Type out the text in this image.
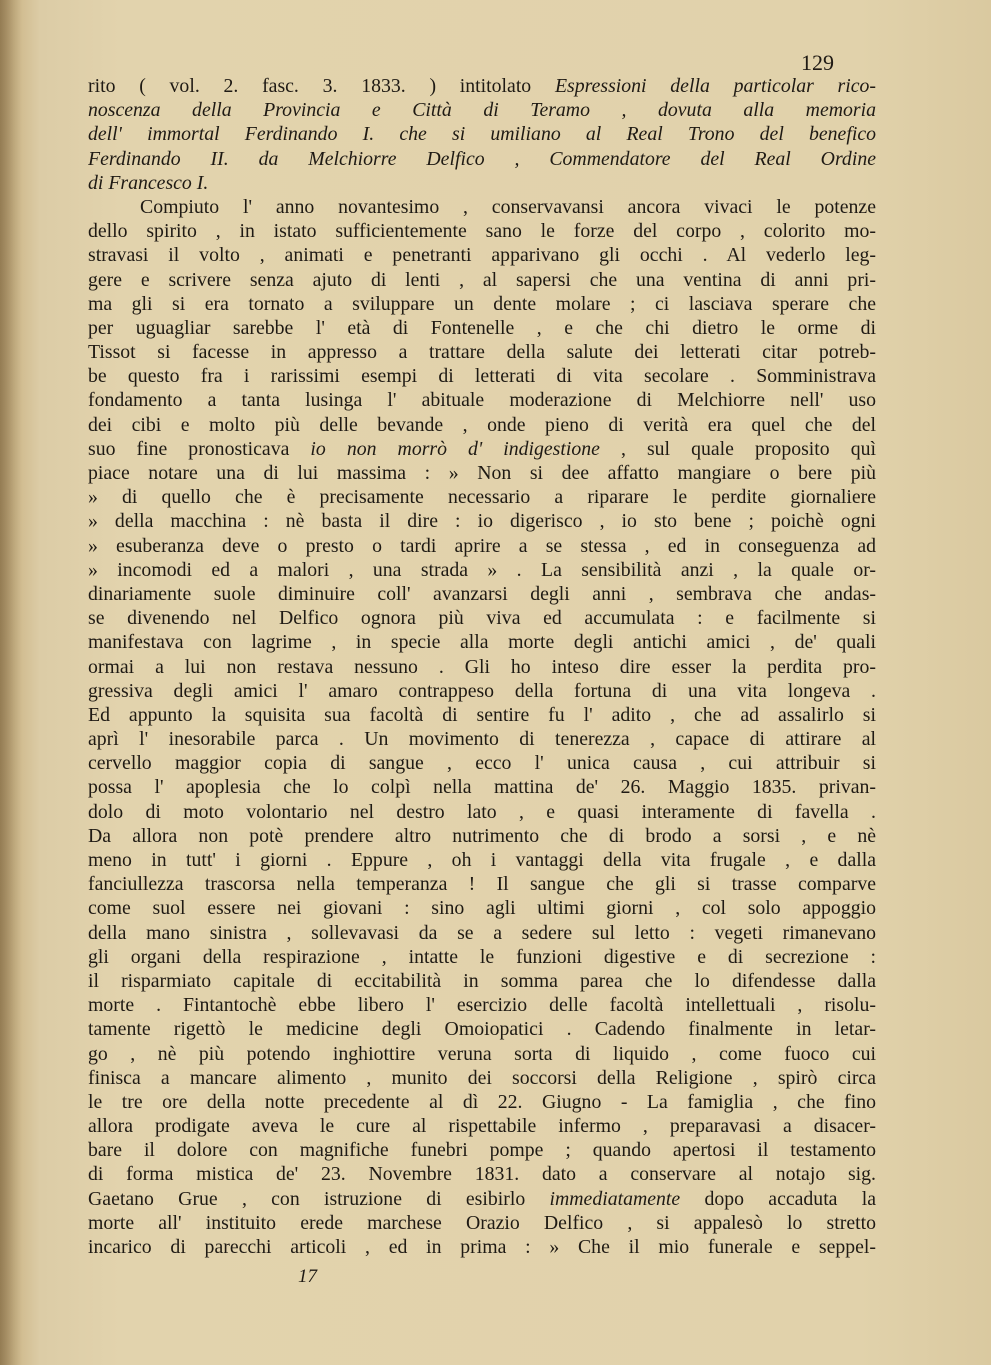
129
rito ( vol. 2. fasc. 3. 1833. ) intitolato Espressioni della particolar rico-
noscenza della Provincia e Città di Teramo , dovuta alla memoria
dell' immortal Ferdinando I. che si umiliano al Real Trono del benefico
Ferdinando II. da Melchiorre Delfico , Commendatore del Real Ordine
di Francesco I.
Compiuto l' anno novantesimo , conservavansi ancora vivaci le potenze
dello spirito , in istato sufficientemente sano le forze del corpo , colorito mo-
stravasi il volto , animati e penetranti apparivano gli occhi . Al vederlo leg-
gere e scrivere senza ajuto di lenti , al sapersi che una ventina di anni pri-
ma gli si era tornato a sviluppare un dente molare ; ci lasciava sperare che
per uguagliar sarebbe l' età di Fontenelle , e che chi dietro le orme di
Tissot si facesse in appresso a trattare della salute dei letterati citar potreb-
be questo fra i rarissimi esempi di letterati di vita secolare . Somministrava
fondamento a tanta lusinga l' abituale moderazione di Melchiorre nell' uso
dei cibi e molto più delle bevande , onde pieno di verità era quel che del
suo fine pronosticava io non morrò d' indigestione , sul quale proposito quì
piace notare una di lui massima : » Non si dee affatto mangiare o bere più
» di quello che è precisamente necessario a riparare le perdite giornaliere
» della macchina : nè basta il dire : io digerisco , io sto bene ; poichè ogni
» esuberanza deve o presto o tardi aprire a se stessa , ed in conseguenza ad
» incomodi ed a malori , una strada » . La sensibilità anzi , la quale or-
dinariamente suole diminuire coll' avanzarsi degli anni , sembrava che andas-
se divenendo nel Delfico ognora più viva ed accumulata : e facilmente si
manifestava con lagrime , in specie alla morte degli antichi amici , de' quali
ormai a lui non restava nessuno . Gli ho inteso dire esser la perdita pro-
gressiva degli amici l' amaro contrappeso della fortuna di una vita longeva .
Ed appunto la squisita sua facoltà di sentire fu l' adito , che ad assalirlo si
aprì l' inesorabile parca . Un movimento di tenerezza , capace di attirare al
cervello maggior copia di sangue , ecco l' unica causa , cui attribuir si
possa l' apoplesia che lo colpì nella mattina de' 26. Maggio 1835. privan-
dolo di moto volontario nel destro lato , e quasi interamente di favella .
Da allora non potè prendere altro nutrimento che di brodo a sorsi , e nè
meno in tutt' i giorni . Eppure , oh i vantaggi della vita frugale , e dalla
fanciullezza trascorsa nella temperanza ! Il sangue che gli si trasse comparve
come suol essere nei giovani : sino agli ultimi giorni , col solo appoggio
della mano sinistra , sollevavasi da se a sedere sul letto : vegeti rimanevano
gli organi della respirazione , intatte le funzioni digestive e di secrezione :
il risparmiato capitale di eccitabilità in somma parea che lo difendesse dalla
morte . Fintantochè ebbe libero l' esercizio delle facoltà intellettuali , risolu-
tamente rigettò le medicine degli Omoiopatici . Cadendo finalmente in letar-
go , nè più potendo inghiottire veruna sorta di liquido , come fuoco cui
finisca a mancare alimento , munito dei soccorsi della Religione , spirò circa
le tre ore della notte precedente al dì 22. Giugno - La famiglia , che fino
allora prodigate aveva le cure al rispettabile infermo , preparavasi a disacer-
bare il dolore con magnifiche funebri pompe ; quando apertosi il testamento
di forma mistica de' 23. Novembre 1831. dato a conservare al notajo sig.
Gaetano Grue , con istruzione di esibirlo immediatamente dopo accaduta la
morte all' instituito erede marchese Orazio Delfico , si appalesò lo stretto
incarico di parecchi articoli , ed in prima : » Che il mio funerale e seppel-
17
